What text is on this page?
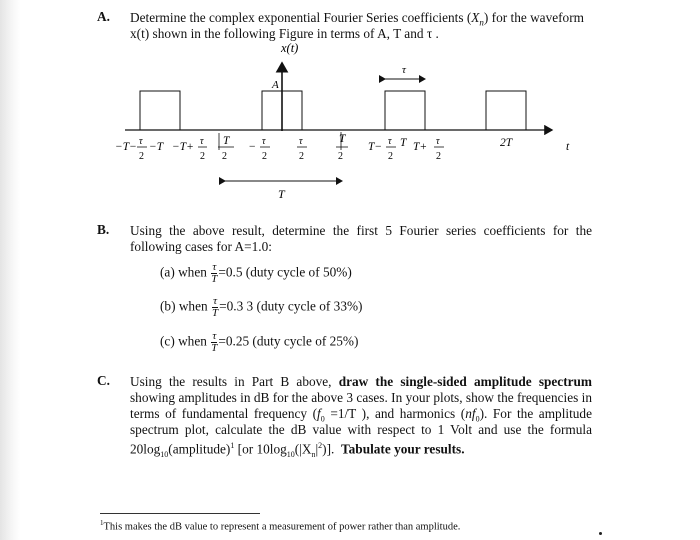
A. Determine the complex exponential Fourier Series coefficients $(X_n)$ for the waveform
x(t) shown in the following Figure in terms of A, T and τ .
x(t)
t
A
τ
−T− τ
2
−T −T+ τ
2
T
2
− τ
2
τ
2
T
2
T− τ
2
T T+ τ
2
2T
T
B. Using the above result, determine the first 5 Fourier series coefficients for the
following cases for A=1.0:
(a) when $\frac{\tau}{T} =0.5$ (duty cycle of 50%)
(b) when $\frac{\tau}{T} =0.3$ 3 (duty cycle of 33%)
(c) when $\frac{\tau}{T} =0.25$ (duty cycle of 25%)
C. Using the results in Part B above, draw the single-sided amplitude spectrum
showing amplitudes in dB for the above 3 cases. In your plots, show the frequencies in
terms of fundamental frequency ($f_0 =1/T$ ), and harmonics $(nf_0)$. For the amplitude
spectrum plot, calculate the dB value with respect to 1 Volt and use the formula
$20\log_{10}(amplitude)^1$ [or $10\log_{10}(|X_n|^2)$]. Tabulate your results.
$^1$This makes the dB value to represent a measurement of power rather than amplitude.
